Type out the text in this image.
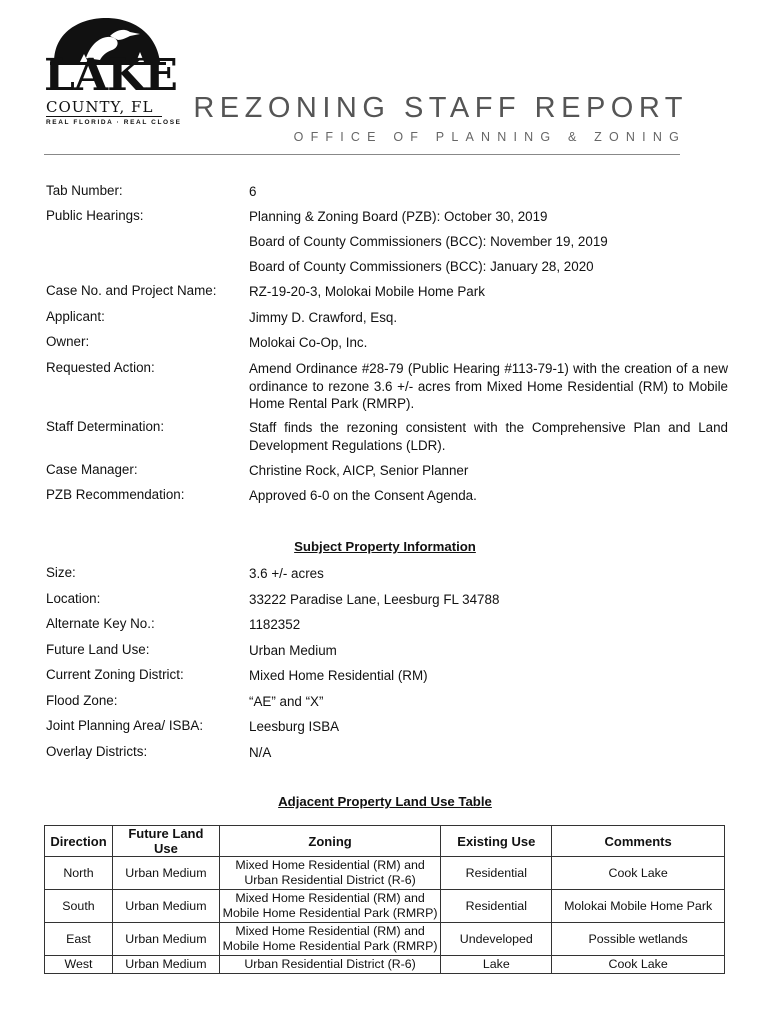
LAKE
COUNTY, FL
REAL FLORIDA · REAL CLOSE REZONING STAFF REPORT
OFFICE OF PLANNING & ZONING
Tab Number:	6
Public Hearings:	Planning & Zoning Board (PZB): October 30, 2019
Board of County Commissioners (BCC): November 19, 2019
Board of County Commissioners (BCC): January 28, 2020
Case No. and Project Name: RZ-19-20-3, Molokai Mobile Home Park
Applicant:	Jimmy D. Crawford, Esq.
Owner:	Molokai Co-Op, Inc.
Requested Action:	Amend Ordinance #28-79 (Public Hearing #113-79-1) with the creation of a new ordinance to rezone 3.6 +/- acres from Mixed Home Residential (RM) to Mobile Home Rental Park (RMRP).
Staff Determination:	Staff finds the rezoning consistent with the Comprehensive Plan and Land Development Regulations (LDR).
Case Manager:	Christine Rock, AICP, Senior Planner
PZB Recommendation:	Approved 6-0 on the Consent Agenda.
Subject Property Information
Size:	3.6 +/- acres
Location:	33222 Paradise Lane, Leesburg FL 34788
Alternate Key No.:	1182352
Future Land Use:	Urban Medium
Current Zoning District:	Mixed Home Residential (RM)
Flood Zone:	“AE” and “X”
Joint Planning Area/ ISBA:	Leesburg ISBA
Overlay Districts:	N/A
Adjacent Property Land Use Table
Direction	Future Land Use	Zoning	Existing Use	Comments
North	Urban Medium	Mixed Home Residential (RM) and Urban Residential District (R-6)	Residential	Cook Lake
South	Urban Medium	Mixed Home Residential (RM) and Mobile Home Residential Park (RMRP)	Residential	Molokai Mobile Home Park
East	Urban Medium	Mixed Home Residential (RM) and Mobile Home Residential Park (RMRP)	Undeveloped	Possible wetlands
West	Urban Medium	Urban Residential District (R-6)	Lake	Cook Lake
